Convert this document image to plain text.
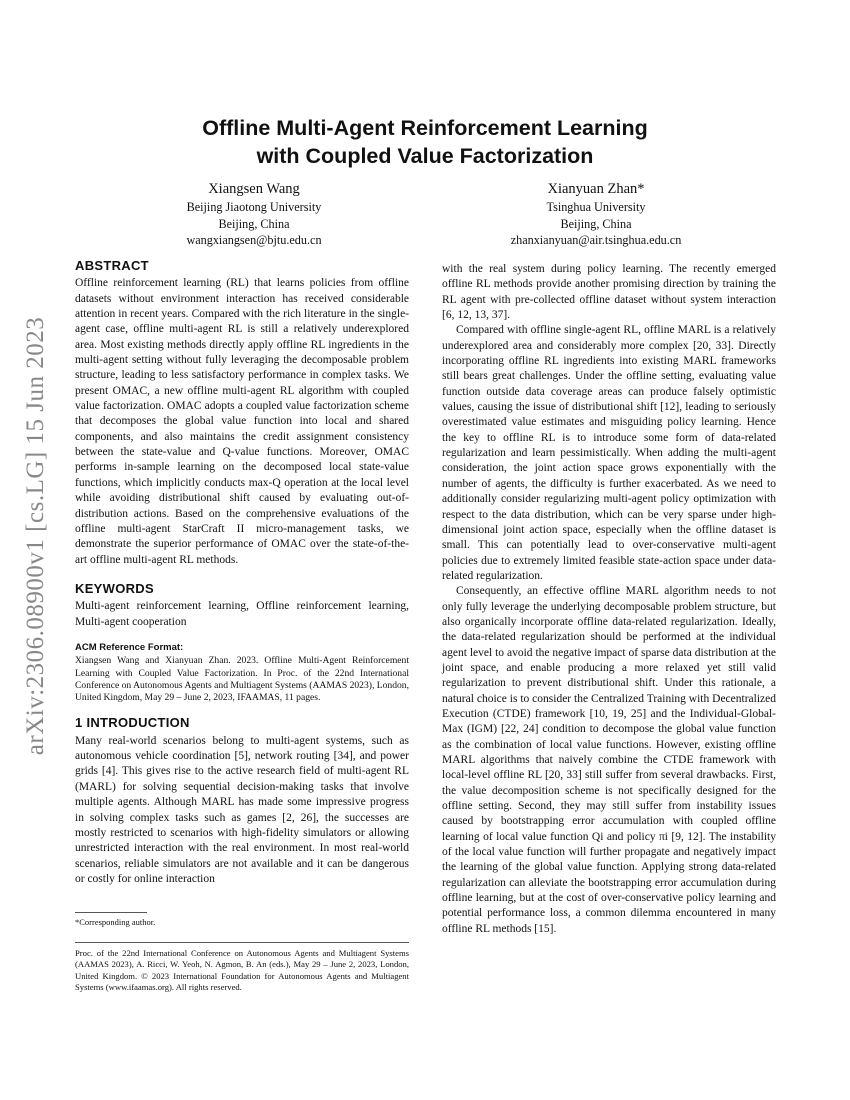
arXiv:2306.08900v1 [cs.LG] 15 Jun 2023
Offline Multi-Agent Reinforcement Learning
with Coupled Value Factorization
Xiangsen Wang
Beijing Jiaotong University
Beijing, China
wangxiangsen@bjtu.edu.cn
Xianyuan Zhan*
Tsinghua University
Beijing, China
zhanxianyuan@air.tsinghua.edu.cn
ABSTRACT

Offline reinforcement learning (RL) that learns policies from offline datasets without environment interaction has received considerable attention in recent years. Compared with the rich literature in the single-agent case, offline multi-agent RL is still a relatively underexplored area. Most existing methods directly apply offline RL ingredients in the multi-agent setting without fully leveraging the decomposable problem structure, leading to less satisfactory performance in complex tasks. We present OMAC, a new offline multi-agent RL algorithm with coupled value factorization. OMAC adopts a coupled value factorization scheme that decomposes the global value function into local and shared components, and also maintains the credit assignment consistency between the state-value and Q-value functions. Moreover, OMAC performs in-sample learning on the decomposed local state-value functions, which implicitly conducts max-Q operation at the local level while avoiding distributional shift caused by evaluating out-of-distribution actions. Based on the comprehensive evaluations of the offline multi-agent StarCraft II micro-management tasks, we demonstrate the superior performance of OMAC over the state-of-the-art offline multi-agent RL methods.

KEYWORDS

Multi-agent reinforcement learning, Offline reinforcement learning, Multi-agent cooperation

ACM Reference Format:

Xiangsen Wang and Xianyuan Zhan. 2023. Offline Multi-Agent Reinforcement Learning with Coupled Value Factorization. In Proc. of the 22nd International Conference on Autonomous Agents and Multiagent Systems (AAMAS 2023), London, United Kingdom, May 29 – June 2, 2023, IFAAMAS, 11 pages.

1 INTRODUCTION

Many real-world scenarios belong to multi-agent systems, such as autonomous vehicle coordination [5], network routing [34], and power grids [4]. This gives rise to the active research field of multi-agent RL (MARL) for solving sequential decision-making tasks that involve multiple agents. Although MARL has made some impressive progress in solving complex tasks such as games [2, 26], the successes are mostly restricted to scenarios with high-fidelity simulators or allowing unrestricted interaction with the real environment. In most real-world scenarios, reliable simulators are not available and it can be dangerous or costly for online interaction

*Corresponding author.
Proc. of the 22nd International Conference on Autonomous Agents and Multiagent Systems (AAMAS 2023), A. Ricci, W. Yeoh, N. Agmon, B. An (eds.), May 29 – June 2, 2023, London, United Kingdom. © 2023 International Foundation for Autonomous Agents and Multiagent Systems (www.ifaamas.org). All rights reserved.

with the real system during policy learning. The recently emerged offline RL methods provide another promising direction by training the RL agent with pre-collected offline dataset without system interaction [6, 12, 13, 37].

Compared with offline single-agent RL, offline MARL is a relatively underexplored area and considerably more complex [20, 33]. Directly incorporating offline RL ingredients into existing MARL frameworks still bears great challenges. Under the offline setting, evaluating value function outside data coverage areas can produce falsely optimistic values, causing the issue of distributional shift [12], leading to seriously overestimated value estimates and misguiding policy learning. Hence the key to offline RL is to introduce some form of data-related regularization and learn pessimistically. When adding the multi-agent consideration, the joint action space grows exponentially with the number of agents, the difficulty is further exacerbated. As we need to additionally consider regularizing multi-agent policy optimization with respect to the data distribution, which can be very sparse under high-dimensional joint action space, especially when the offline dataset is small. This can potentially lead to over-conservative multi-agent policies due to extremely limited feasible state-action space under data-related regularization.

Consequently, an effective offline MARL algorithm needs to not only fully leverage the underlying decomposable problem structure, but also organically incorporate offline data-related regularization. Ideally, the data-related regularization should be performed at the individual agent level to avoid the negative impact of sparse data distribution at the joint space, and enable producing a more relaxed yet still valid regularization to prevent distributional shift. Under this rationale, a natural choice is to consider the Centralized Training with Decentralized Execution (CTDE) framework [10, 19, 25] and the Individual-Global-Max (IGM) [22, 24] condition to decompose the global value function as the combination of local value functions. However, existing offline MARL algorithms that naively combine the CTDE framework with local-level offline RL [20, 33] still suffer from several drawbacks. First, the value decomposition scheme is not specifically designed for the offline setting. Second, they may still suffer from instability issues caused by bootstrapping error accumulation with coupled offline learning of local value function Qi and policy πi [9, 12]. The instability of the local value function will further propagate and negatively impact the learning of the global value function. Applying strong data-related regularization can alleviate the bootstrapping error accumulation during offline learning, but at the cost of over-conservative policy learning and potential performance loss, a common dilemma encountered in many offline RL methods [15].
